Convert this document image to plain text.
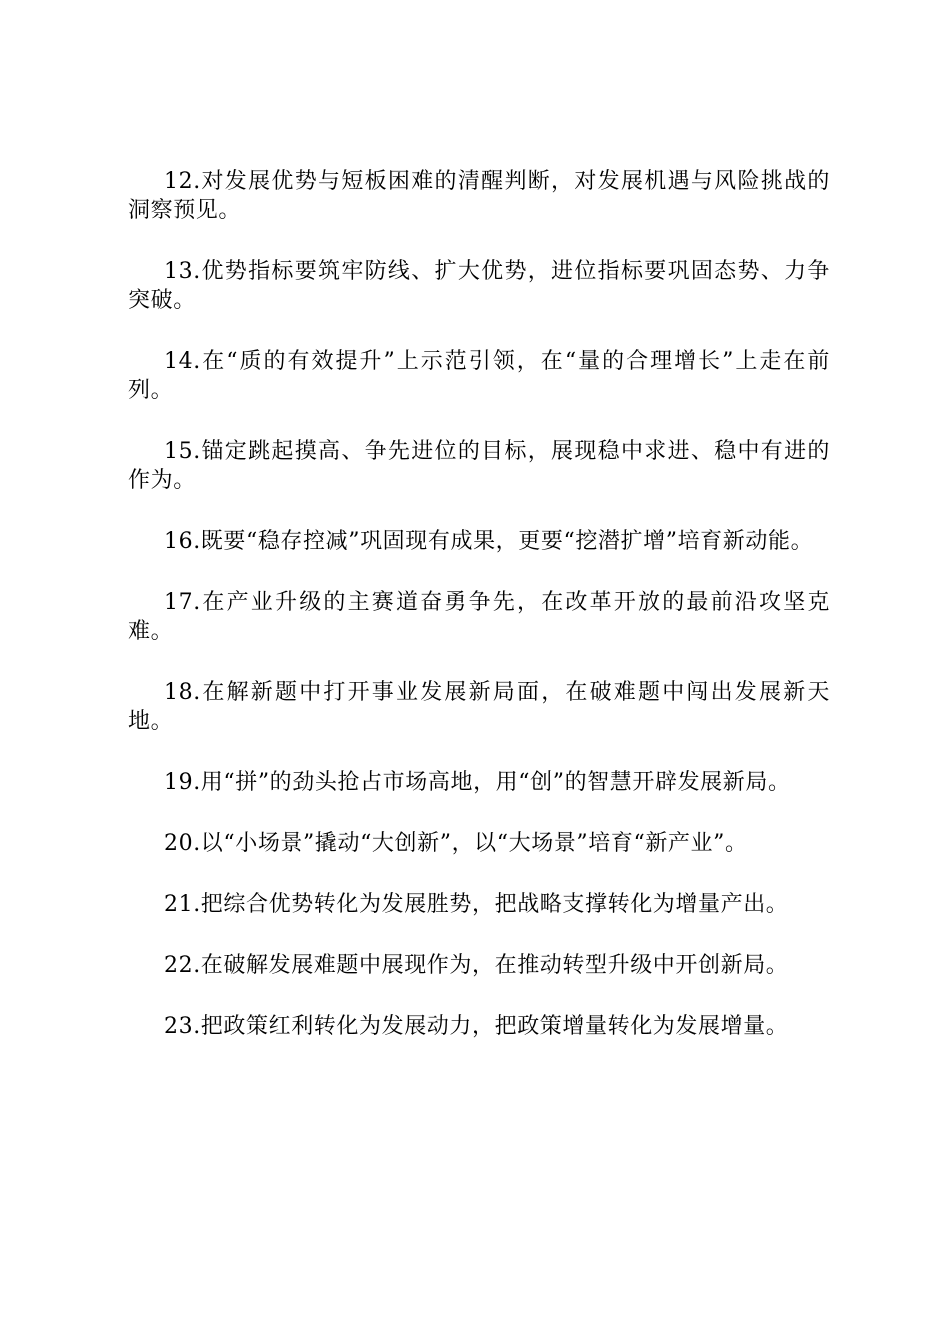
12.对发展优势与短板困难的清醒判断，对发展机遇与风险挑战的洞察预见。

13.优势指标要筑牢防线、扩大优势，进位指标要巩固态势、力争突破。

14.在“质的有效提升”上示范引领，在“量的合理增长”上走在前列。

15.锚定跳起摸高、争先进位的目标，展现稳中求进、稳中有进的作为。

16.既要“稳存控减”巩固现有成果，更要“挖潜扩增”培育新动能。

17.在产业升级的主赛道奋勇争先，在改革开放的最前沿攻坚克难。

18.在解新题中打开事业发展新局面，在破难题中闯出发展新天地。

19.用“拼”的劲头抢占市场高地，用“创”的智慧开辟发展新局。

20.以“小场景”撬动“大创新”，以“大场景”培育“新产业”。

21.把综合优势转化为发展胜势，把战略支撑转化为增量产出。

22.在破解发展难题中展现作为，在推动转型升级中开创新局。

23.把政策红利转化为发展动力，把政策增量转化为发展增量。
